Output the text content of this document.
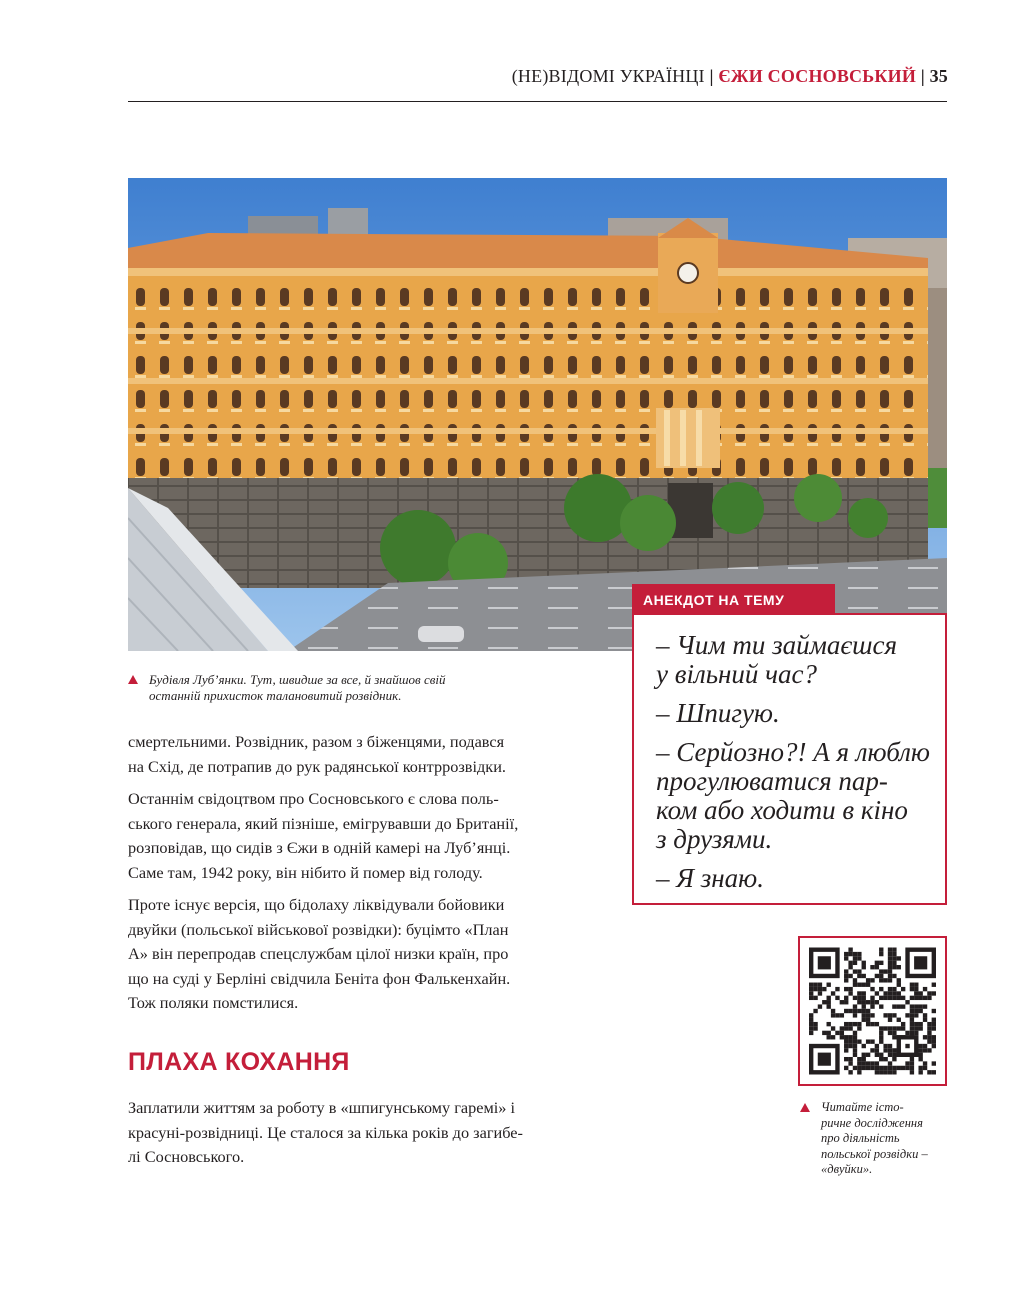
(НЕ)ВІДОМІ УКРАЇНЦІ | ЄЖИ СОСНОВСЬКИЙ | 35
Будівля Луб’янки. Тут, швидше за все, й знайшов свій
останній прихисток талановитий розвідник.

смертельними. Розвідник, разом з біженцями, подався
на Схід, де потрапив до рук радянської контррозвідки.

Останнім свідоцтвом про Сосновського є слова поль-
ського генерала, який пізніше, емігрувавши до Британії,
розповідав, що сидів з Єжи в одній камері на Луб’янці.
Саме там, 1942 року, він нібито й помер від голоду.

Проте існує версія, що бідолаху ліквідували бойовики
двуйки (польської військової розвідки): буцімто «План
А» він перепродав спецслужбам цілої низки країн, про
що на суді у Берліні свідчила Беніта фон Фалькенхайн.
Тож поляки помстилися.

ПЛАХА КОХАННЯ

Заплатили життям за роботу в «шпигунському гаремі» і
красуні-розвідниці. Це сталося за кілька років до загибе-
лі Сосновського.

АНЕКДОТ НА ТЕМУ
– Чим ти займаєшся
у вільний час?
– Шпигую.
– Серйозно?! А я люблю
прогулюватися пар-
ком або ходити в кіно
з друзями.
– Я знаю.
Читайте істо-
ричне дослідження
про діяльність
польської розвідки –
«двуйки».
